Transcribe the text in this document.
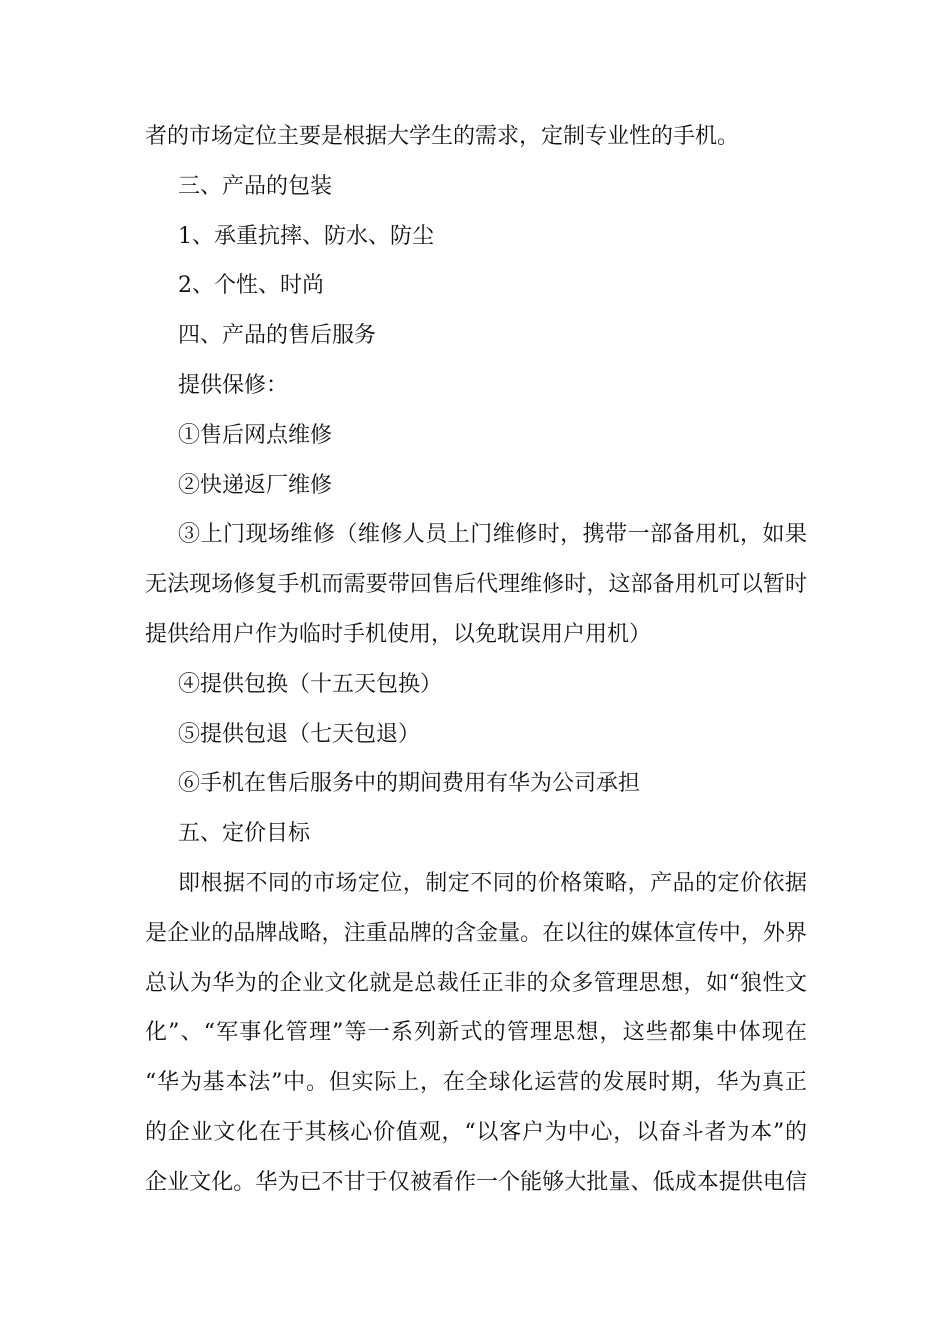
者的市场定位主要是根据大学生的需求，定制专业性的手机。
三、产品的包装
1、承重抗摔、防水、防尘
2、个性、时尚
四、产品的售后服务
提供保修：
①售后网点维修
②快递返厂维修
③上门现场维修（维修人员上门维修时，携带一部备用机，如果
无法现场修复手机而需要带回售后代理维修时，这部备用机可以暂时
提供给用户作为临时手机使用，以免耽误用户用机）
④提供包换（十五天包换）
⑤提供包退（七天包退）
⑥手机在售后服务中的期间费用有华为公司承担
五、定价目标
即根据不同的市场定位，制定不同的价格策略，产品的定价依据
是企业的品牌战略，注重品牌的含金量。在以往的媒体宣传中，外界
总认为华为的企业文化就是总裁任正非的众多管理思想，如“狼性文
化”、“军事化管理”等一系列新式的管理思想，这些都集中体现在
“华为基本法”中。但实际上，在全球化运营的发展时期，华为真正
的企业文化在于其核心价值观，“以客户为中心，以奋斗者为本”的
企业文化。华为已不甘于仅被看作一个能够大批量、低成本提供电信
